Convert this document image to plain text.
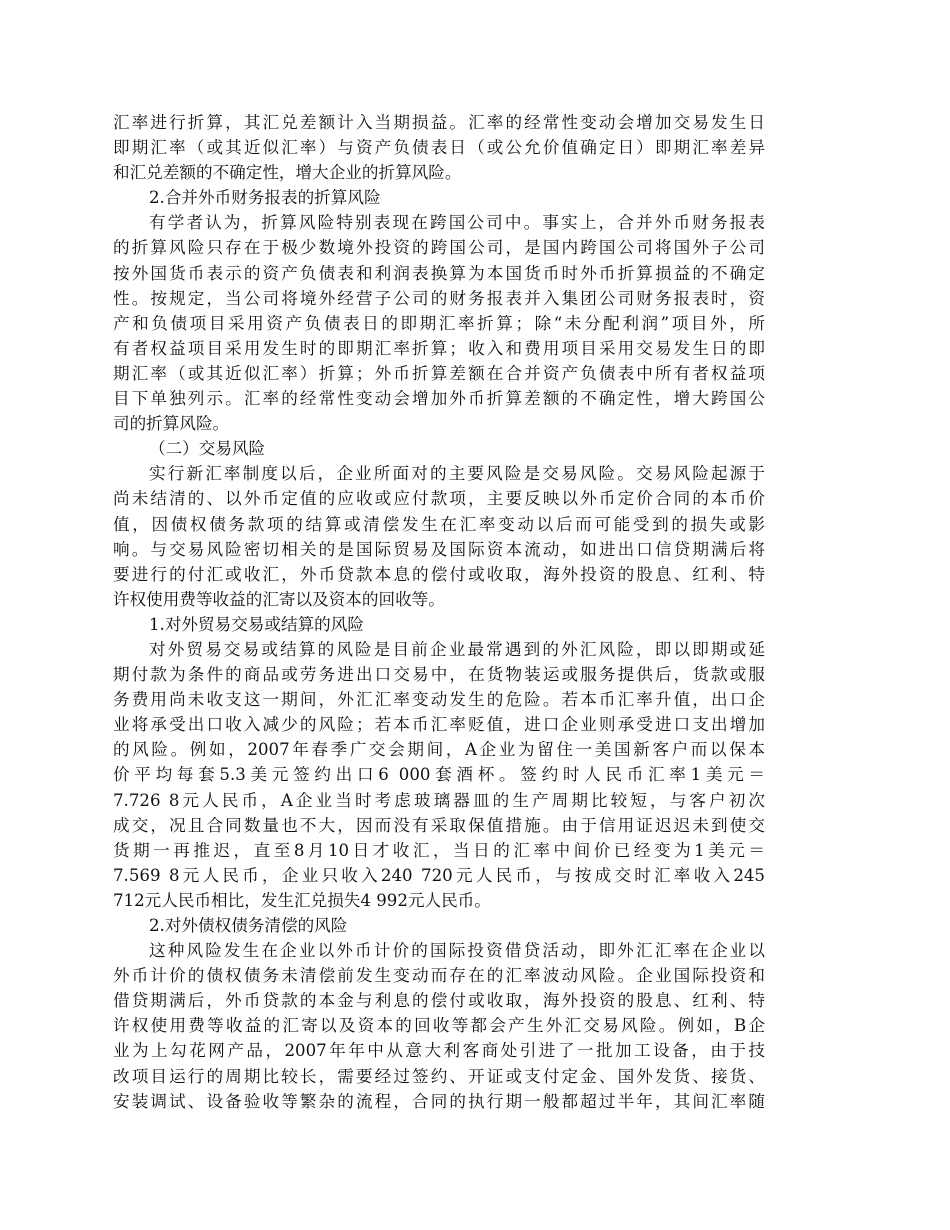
汇率进行折算，其汇兑差额计入当期损益。汇率的经常性变动会增加交易发生日
即期汇率（或其近似汇率）与资产负债表日（或公允价值确定日）即期汇率差异
和汇兑差额的不确定性，增大企业的折算风险。
2.合并外币财务报表的折算风险
有学者认为，折算风险特别表现在跨国公司中。事实上，合并外币财务报表
的折算风险只存在于极少数境外投资的跨国公司，是国内跨国公司将国外子公司
按外国货币表示的资产负债表和利润表换算为本国货币时外币折算损益的不确定
性。按规定，当公司将境外经营子公司的财务报表并入集团公司财务报表时，资
产和负债项目采用资产负债表日的即期汇率折算；除“未分配利润”项目外，所
有者权益项目采用发生时的即期汇率折算；收入和费用项目采用交易发生日的即
期汇率（或其近似汇率）折算；外币折算差额在合并资产负债表中所有者权益项
目下单独列示。汇率的经常性变动会增加外币折算差额的不确定性，增大跨国公
司的折算风险。
（二）交易风险
实行新汇率制度以后，企业所面对的主要风险是交易风险。交易风险起源于
尚未结清的、以外币定值的应收或应付款项，主要反映以外币定价合同的本币价
值，因债权债务款项的结算或清偿发生在汇率变动以后而可能受到的损失或影
响。与交易风险密切相关的是国际贸易及国际资本流动，如进出口信贷期满后将
要进行的付汇或收汇，外币贷款本息的偿付或收取，海外投资的股息、红利、特
许权使用费等收益的汇寄以及资本的回收等。
1.对外贸易交易或结算的风险
对外贸易交易或结算的风险是目前企业最常遇到的外汇风险，即以即期或延
期付款为条件的商品或劳务进出口交易中，在货物装运或服务提供后，货款或服
务费用尚未收支这一期间，外汇汇率变动发生的危险。若本币汇率升值，出口企
业将承受出口收入减少的风险；若本币汇率贬值，进口企业则承受进口支出增加
的风险。例如，2007年春季广交会期间，A企业为留住一美国新客户而以保本
价平均每套5.3美元签约出口6 000套酒杯。签约时人民币汇率1美元＝
7.726 8元人民币，A企业当时考虑玻璃器皿的生产周期比较短，与客户初次
成交，况且合同数量也不大，因而没有采取保值措施。由于信用证迟迟未到使交
货期一再推迟，直至8月10日才收汇，当日的汇率中间价已经变为1美元＝
7.569 8元人民币，企业只收入240 720元人民币，与按成交时汇率收入245
712元人民币相比，发生汇兑损失4 992元人民币。
2.对外债权债务清偿的风险
这种风险发生在企业以外币计价的国际投资借贷活动，即外汇汇率在企业以
外币计价的债权债务未清偿前发生变动而存在的汇率波动风险。企业国际投资和
借贷期满后，外币贷款的本金与利息的偿付或收取，海外投资的股息、红利、特
许权使用费等收益的汇寄以及资本的回收等都会产生外汇交易风险。例如，B企
业为上勾花网产品，2007年年中从意大利客商处引进了一批加工设备，由于技
改项目运行的周期比较长，需要经过签约、开证或支付定金、国外发货、接货、
安装调试、设备验收等繁杂的流程，合同的执行期一般都超过半年，其间汇率随
